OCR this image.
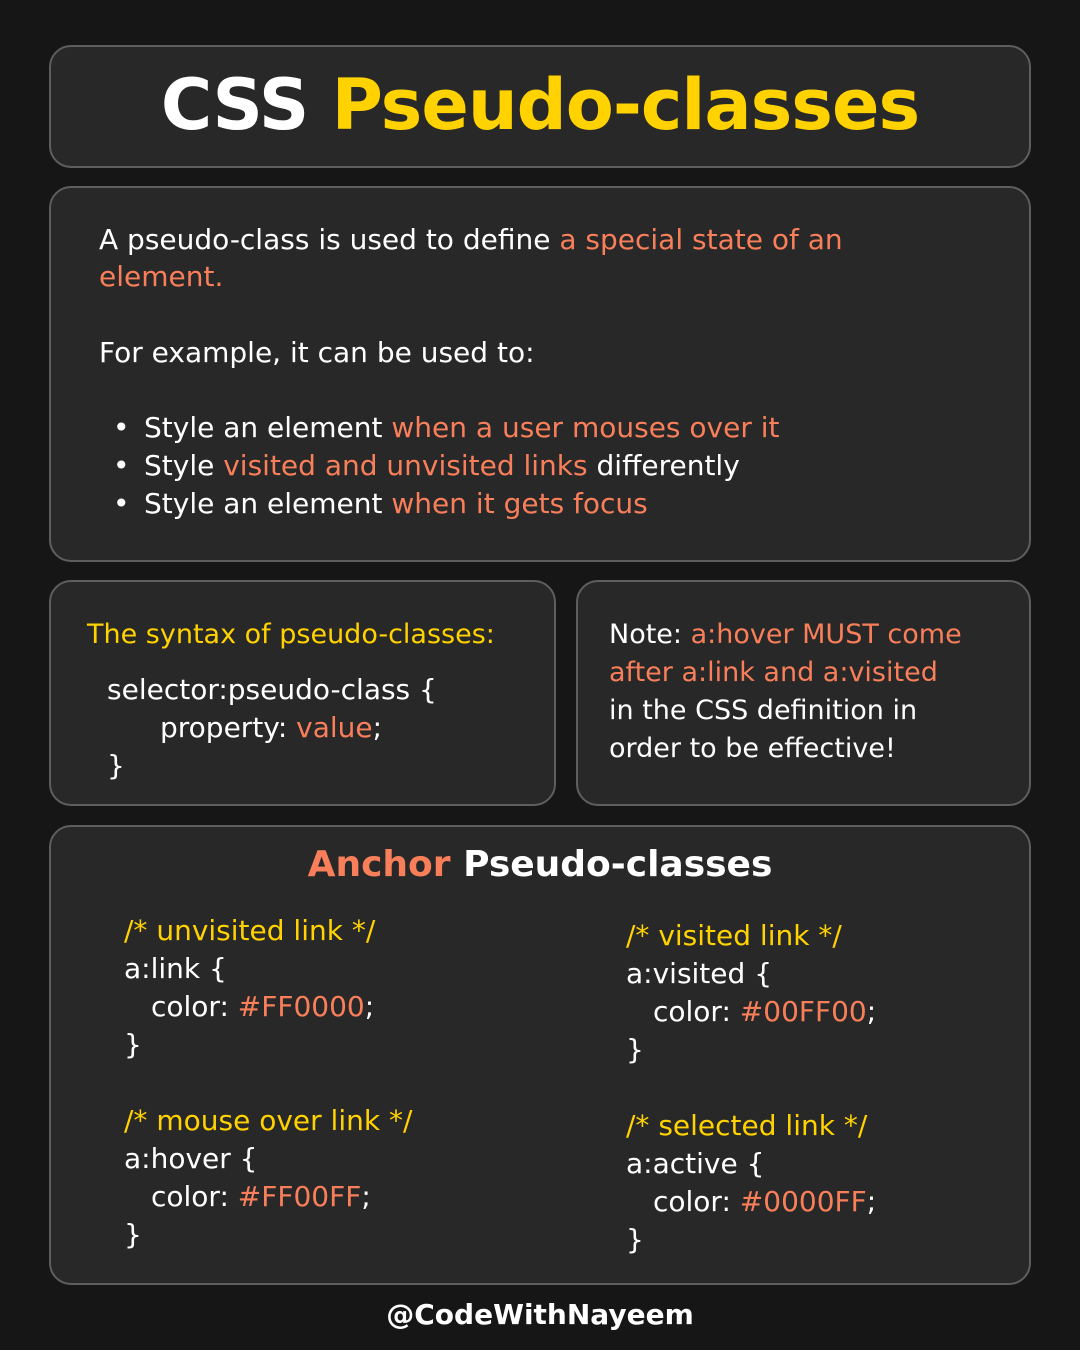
CSS Pseudo-classes
A pseudo-class is used to define a special state of an
element.
For example, it can be used to:
• Style an element when a user mouses over it
• Style visited and unvisited links differently
• Style an element when it gets focus
The syntax of pseudo-classes:
selector:pseudo-class {
property: value;
}
Note: a:hover MUST come
after a:link and a:visited
in the CSS definition in
order to be effective!
Anchor Pseudo-classes
/* unvisited link */
a:link {
color: #FF0000;
}
/* visited link */
a:visited {
color: #00FF00;
}
/* mouse over link */
a:hover {
color: #FF00FF;
}
/* selected link */
a:active {
color: #0000FF;
}
@CodeWithNayeem
